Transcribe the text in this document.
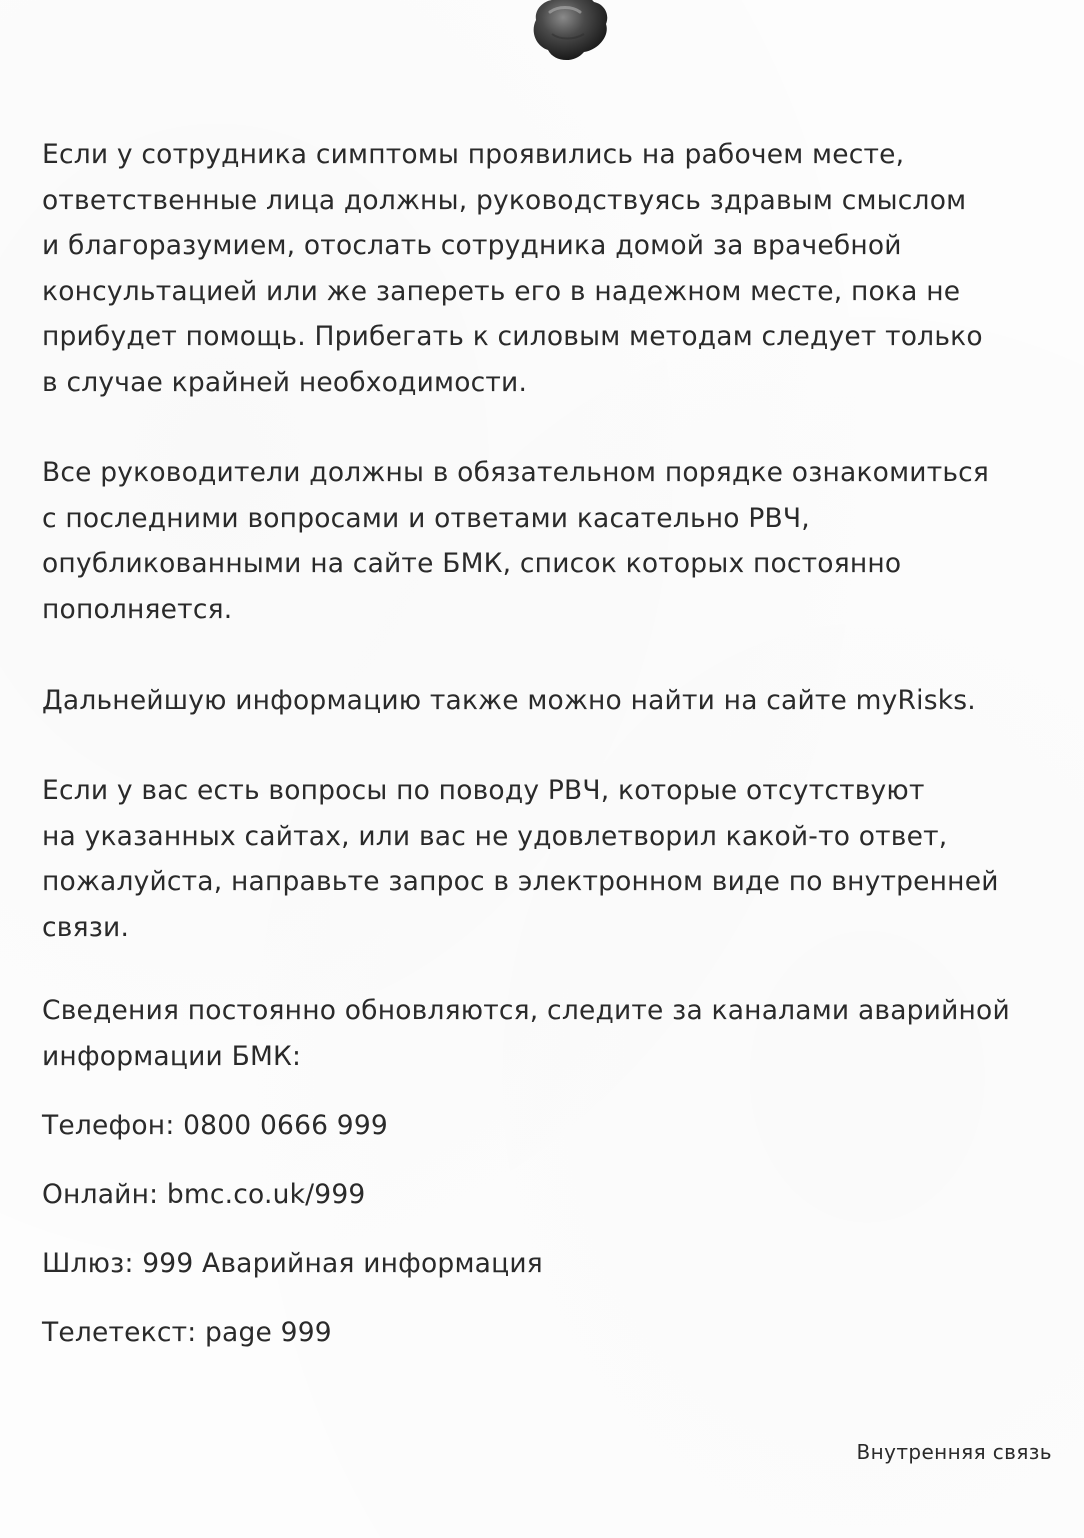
Если у сотрудника симптомы проявились на рабочем месте,
ответственные лица должны, руководствуясь здравым смыслом
и благоразумием, отослать сотрудника домой за врачебной
консультацией или же запереть его в надежном месте, пока не
прибудет помощь. Прибегать к силовым методам следует только
в случае крайней необходимости.

Все руководители должны в обязательном порядке ознакомиться
с последними вопросами и ответами касательно РВЧ,
опубликованными на сайте БМК, список которых постоянно
пополняется.

Дальнейшую информацию также можно найти на сайте myRisks.

Если у вас есть вопросы по поводу РВЧ, которые отсутствуют
на указанных сайтах, или вас не удовлетворил какой-то ответ,
пожалуйста, направьте запрос в электронном виде по внутренней
связи.

Сведения постоянно обновляются, следите за каналами аварийной
информации БМК:

Телефон: 0800 0666 999
Онлайн: bmc.co.uk/999
Шлюз: 999 Аварийная информация
Телетекст: page 999
Внутренняя связь
